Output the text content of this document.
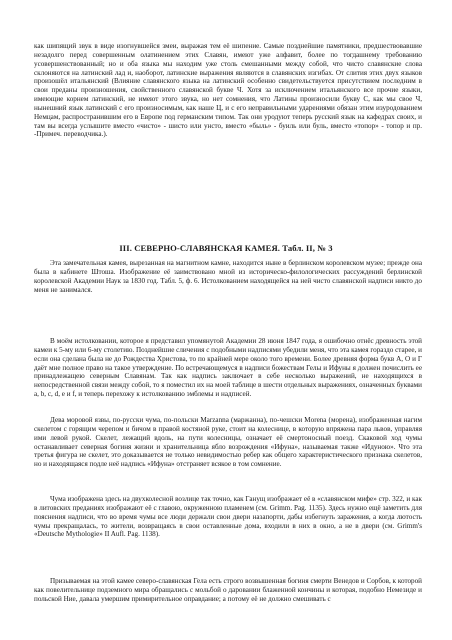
как шипящий звук в виде изогнувшейся змеи, выражая тем её шипение. Самые позднейшие памятники, предшествовавшие незадолго перед совершенным олатинением этих Славян, имеют уже алфавит, более по тогдашнему требованию усовершенствованный; но и оба языка мы находим уже столь смешанными между собой, что чисто славянские слова склоняются на латинский лад и, наоборот, латинские выражения являются в славянских изгибах. От слития этих двух языков произошёл итальянский (Влияние славянского языка на латинский особенно свидетельствуется присутствием последним в свои преданы произношения, свойственного славянской букве Ч. Хотя за исключением итальянского все прочие языки, имеющие корнем латинский, не имеют этого звука, но нет сомнения, что Латины произносили букву С, как мы свое Ч, нынешний язык латинский с его произносимым, как наше Ц, и с его неправильными ударениями обязан этим изуродованием Немцам, распространившим его в Европе под германским типом. Так они уродуют теперь русский язык на кафедрах своих, и там вы всегда услышите вместо «чисто» - шисто или унсто, вместо «быль» - буиль или буль, вместо «топор» - топор и пр. -Примеч. переводчика.).

III. СЕВЕРНО-СЛАВЯНСКАЯ КАМЕЯ. Табл. II, № 3

Эта замечательная камея, вырезанная на магнитном камне, находится ныне в берлинском королевском музее; прежде она была в кабинете Штоша. Изображение её заимствовано мной из историческо-филологических рассуждений берлинской королевской Академии Наук за 1830 год. Табл. 5, ф. 6. Истолкованием находящейся на ней чисто славянской надписи никто до меня не занимался.

В моём истолковании, которое я представил упомянутой Академии 28 июня 1847 года, я ошибочно отнёс древность этой камеи к 5-му или 6-му столетию. Позднейшие сличения с подобными надписями убедили меня, что эта камея гораздо старее, и если она сделана была не до Рождества Христова, то по крайней мере около того времени. Более древняя форма букв А, О и Г даёт мне полное право на такое утверждение. По встречающемуся в надписи божествам Гелы и Ифуны я должен почислить ее принадлежащею северным Славянам. Так как надпись заключает в себе несколько выражений, не находящихся в непосредственной связи между собой, то я поместил их на моей таблице в шести отдельных выражениях, означенных буквами а, b, c, d, e и f, и теперь перехожу к истолкованию эмблемы и надписей.

Дева моровой язвы, по-русски чума, по-польски Marzanna (маржанна), по-чешски Morena (морена), изображенная нагим скелетом с горящим черепом и бичом в правой костяной руке, стоит на колеснице, в которую впряжена пара львов, управляя ими левой рукой. Скелет, лежащий вдоль, на пути колесницы, означает её смертоносный поезд. Скаковой ход чумы останавливает северная богиня жизни и хранительница ябло возрождения «Ифуна», называемая также «Идуною». Что эта третья фигура не скелет, это доказывается не только невидимостью ребер как общего характеристического признака скелетов, но и находящаяся подле неё надпись «Ифуна» отстраняет всякое в том сомнение.

Чума изображена здесь на двухколесной возлице так точно, как Ганущ изображает её в «славянском мифе» стр. 322, и как в литовских преданиях изображают её с главою, окруженною пламенем (см. Grimm. Pag. 1135). Здесь нужно ещё заметить для пояснения надписи, что во время чумы все люди держали свои двери назапорти, дабы избегнуть заражения, а когда лютость чумы прекращалась, то жители, возвращаясь в свои оставленные дома, входили в них в окно, а не в двери (см. Grimm's «Deutsche Mythologie» II Aufl. Pag. 1138).

Призываемая на этой камее северо-славянская Гела есть строго возвышенная богиня смерти Венедов и Сорбов, к которой как повелительнице подземного мира обращались с мольбой о даровании блаженной кончины и которая, подобно Немезиде и польской Ние, давала умершим примирительное оправдание; а потому её не должно смешивать с
